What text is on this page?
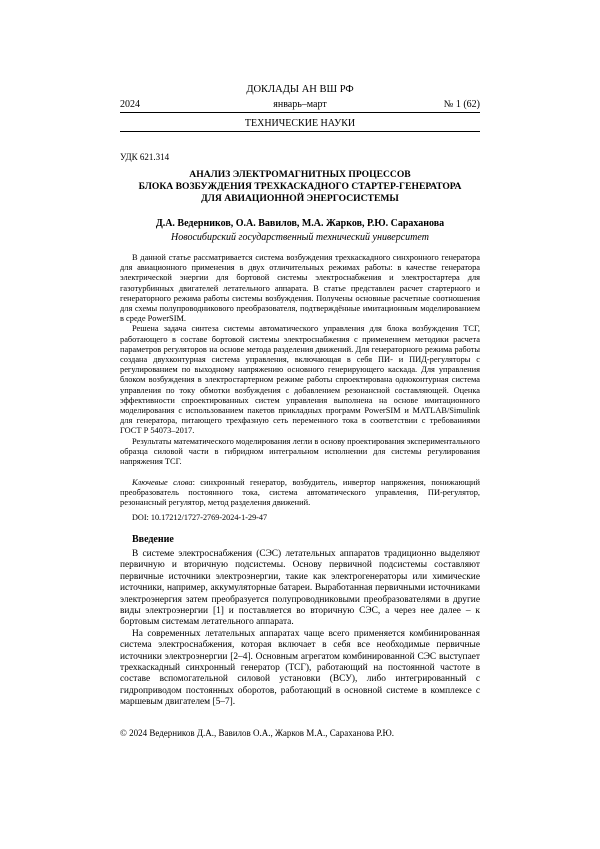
ДОКЛАДЫ АН ВШ РФ
январь–март
2024	№ 1 (62)
ТЕХНИЧЕСКИЕ НАУКИ
УДК 621.314
АНАЛИЗ ЭЛЕКТРОМАГНИТНЫХ ПРОЦЕССОВ
БЛОКА ВОЗБУЖДЕНИЯ ТРЕХКАСКАДНОГО СТАРТЕР-ГЕНЕРАТОРА
ДЛЯ АВИАЦИОННОЙ ЭНЕРГОСИСТЕМЫ
Д.А. Ведерников, О.А. Вавилов, М.А. Жарков, Р.Ю. Сараханова
Новосибирский государственный технический университет

В данной статье рассматривается система возбуждения трехкаскадного синхронного генератора для авиационного применения в двух отличительных режимах работы: в качестве генератора электрической энергии для бортовой системы электроснабжения и электростартера для газотурбинных двигателей летательного аппарата. В статье представлен расчет стартерного и генераторного режима работы системы возбуждения. Получены основные расчетные соотношения для схемы полупроводникового преобразователя, подтверждённые имитационным моделированием в среде PowerSIM.

Решена задача синтеза системы автоматического управления для блока возбуждения ТСГ, работающего в составе бортовой системы электроснабжения с применением методики расчета параметров регуляторов на основе метода разделения движений. Для генераторного режима работы создана двухконтурная система управления, включающая в себя ПИ- и ПИД-регуляторы с регулированием по выходному напряжению основного генерирующего каскада. Для управления блоком возбуждения в электростартерном режиме работы спроектирована одноконтурная система управления по току обмотки возбуждения с добавлением резонансной составляющей. Оценка эффективности спроектированных систем управления выполнена на основе имитационного моделирования с использованием пакетов прикладных программ PowerSIM и MATLAB/Simulink для генератора, питающего трехфазную сеть переменного тока в соответствии с требованиями ГОСТ Р 54073–2017.

Результаты математического моделирования легли в основу проектирования экспериментального образца силовой части в гибридном интегральном исполнении для системы регулирования напряжения ТСГ.

Ключевые слова: синхронный генератор, возбудитель, инвертор напряжения, понижающий преобразователь постоянного тока, система автоматического управления, ПИ-регулятор, резонансный регулятор, метод разделения движений.
DOI: 10.17212/1727-2769-2024-1-29-47
Введение

В системе электроснабжения (СЭС) летательных аппаратов традиционно выделяют первичную и вторичную подсистемы. Основу первичной подсистемы составляют первичные источники электроэнергии, такие как электрогенераторы или химические источники, например, аккумуляторные батареи. Выработанная первичными источниками электроэнергия затем преобразуется полупроводниковыми преобразователями в другие виды электроэнергии [1] и поставляется во вторичную СЭС, а через нее далее – к бортовым системам летательного аппарата.

На современных летательных аппаратах чаще всего применяется комбинированная система электроснабжения, которая включает в себя все необходимые первичные источники электроэнергии [2–4]. Основным агрегатом комбинированной СЭС выступает трехкаскадный синхронный генератор (ТСГ), работающий на постоянной частоте в составе вспомогательной силовой установки (ВСУ), либо интегрированный с гидроприводом постоянных оборотов, работающий в основной системе в комплексе с маршевым двигателем [5–7].

© 2024 Ведерников Д.А., Вавилов О.А., Жарков М.А., Сараханова Р.Ю.
